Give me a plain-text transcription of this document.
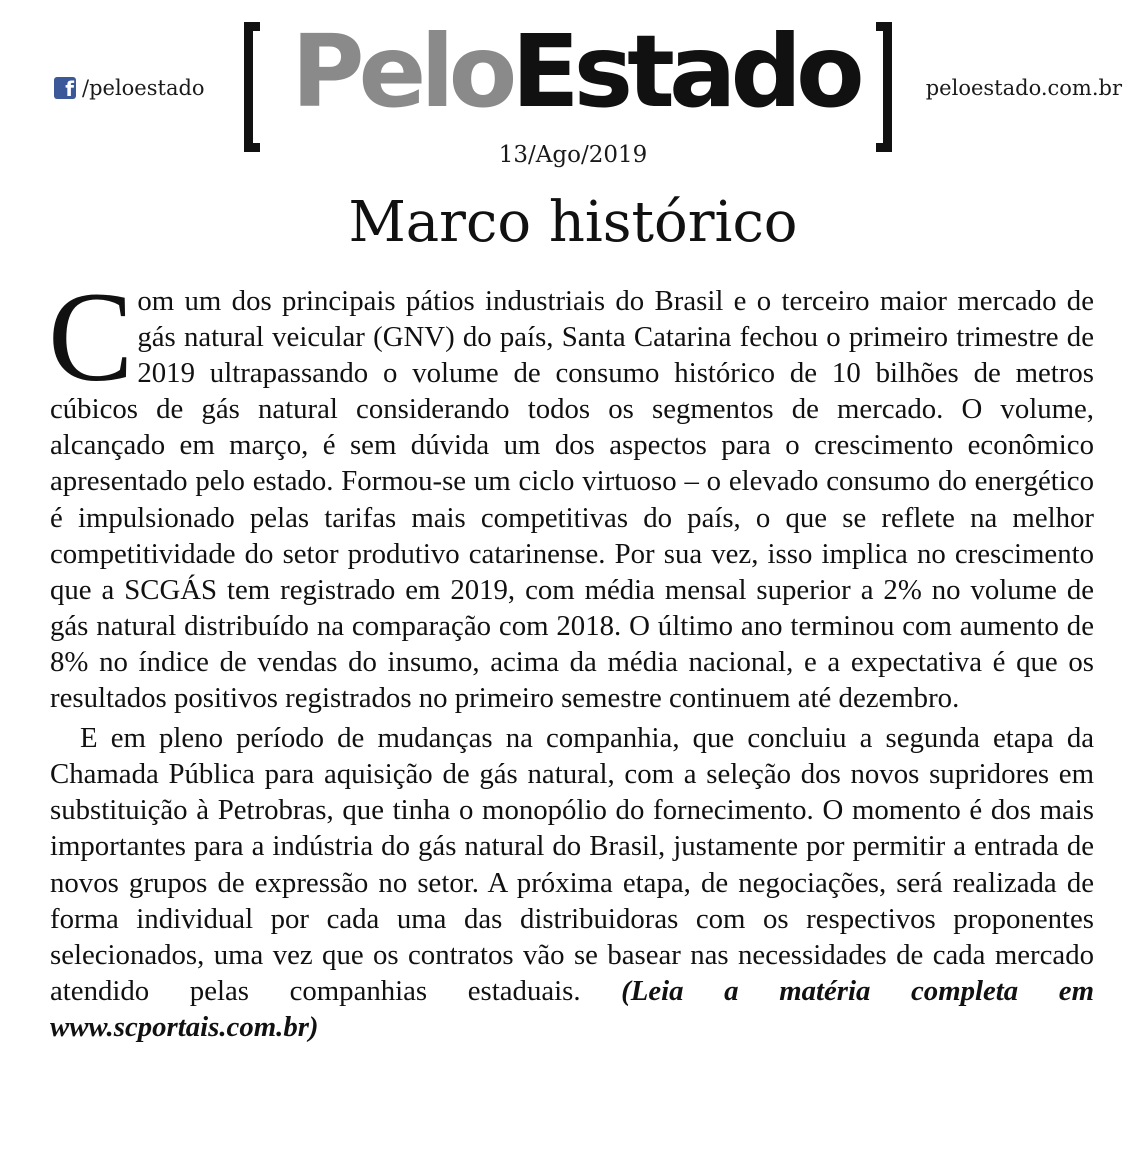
f /peloestado PeloEstado	peloestado.com.br
13/Ago/2019
Marco histórico

Com um dos principais pátios industriais do Brasil e o terceiro maior mercado de gás natural veicular (GNV) do país, Santa Catarina fechou o primeiro trimestre de 2019 ultrapassando o volume de consumo histórico de 10 bilhões de metros cúbicos de gás natural considerando todos os segmentos de mercado. O volume, alcançado em março, é sem dúvida um dos aspectos para o crescimento econômico apresentado pelo estado. Formou-se um ciclo virtuoso – o elevado consumo do energético é impulsionado pelas tarifas mais competitivas do país, o que se reflete na melhor competitividade do setor produtivo catarinense. Por sua vez, isso implica no crescimento que a SCGÁS tem registrado em 2019, com média mensal superior a 2% no volume de gás natural distribuído na comparação com 2018. O último ano terminou com aumento de 8% no índice de vendas do insumo, acima da média nacional, e a expectativa é que os resultados positivos registrados no primeiro semestre continuem até dezembro.

E em pleno período de mudanças na companhia, que concluiu a segunda etapa da Chamada Pública para aquisição de gás natural, com a seleção dos novos supridores em substituição à Petrobras, que tinha o monopólio do fornecimento. O momento é dos mais importantes para a indústria do gás natural do Brasil, justamente por permitir a entrada de novos grupos de expressão no setor. A próxima etapa, de negociações, será realizada de forma individual por cada uma das distribuidoras com os respectivos proponentes selecionados, uma vez que os contratos vão se basear nas necessidades de cada mercado atendido pelas companhias estaduais. (Leia a matéria completa em www.scportais.com.br)
